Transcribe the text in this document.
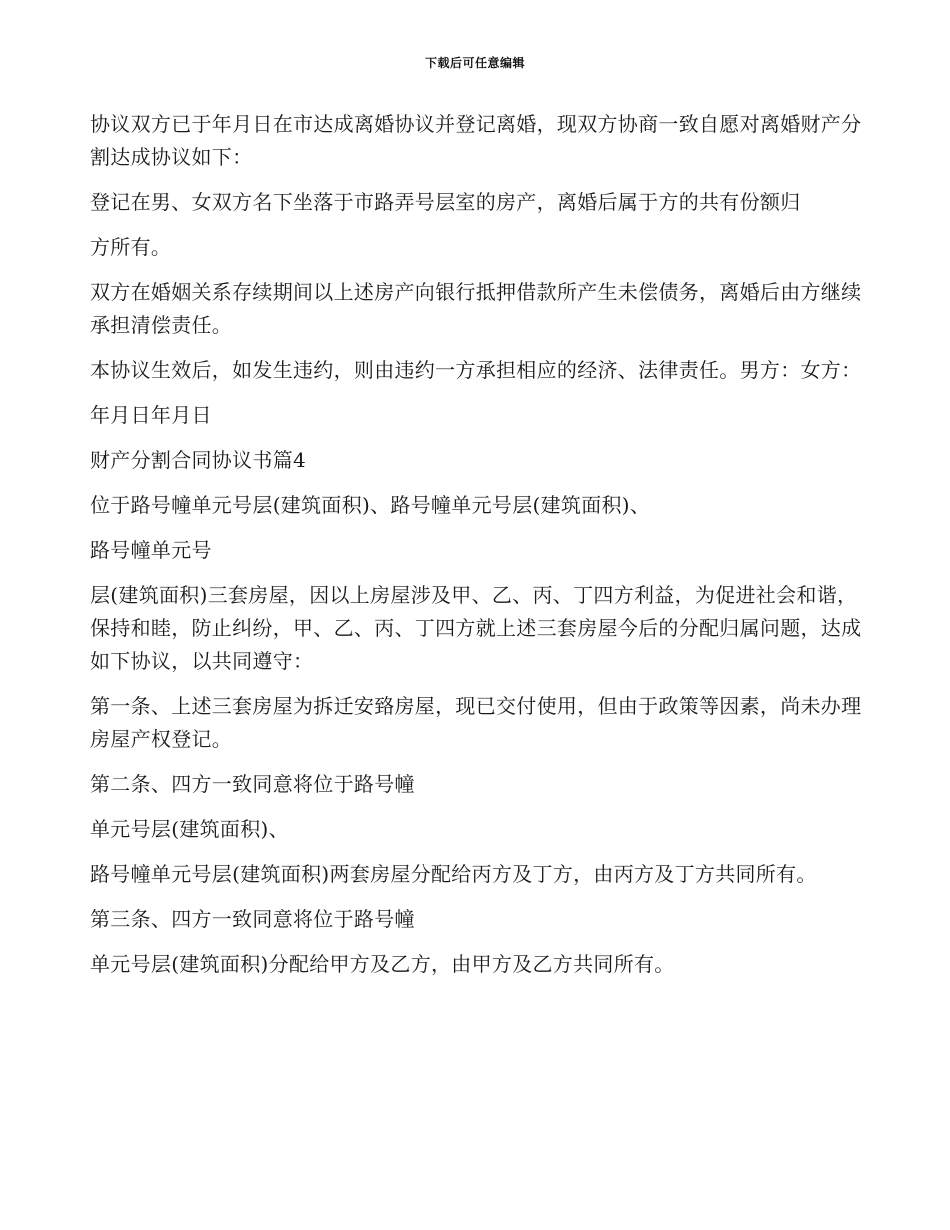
下载后可任意编辑

协议双方已于年月日在市达成离婚协议并登记离婚，现双方协商一致自愿对离婚财产分割达成协议如下：

登记在男、女双方名下坐落于市路弄号层室的房产，离婚后属于方的共有份额归

方所有。

双方在婚姻关系存续期间以上述房产向银行抵押借款所产生未偿债务，离婚后由方继续承担清偿责任。

本协议生效后，如发生违约，则由违约一方承担相应的经济、法律责任。男方：女方：

年月日年月日

财产分割合同协议书篇4

位于路号幢单元号层(建筑面积)、路号幢单元号层(建筑面积)、

路号幢单元号

层(建筑面积)三套房屋，因以上房屋涉及甲、乙、丙、丁四方利益，为促进社会和谐，保持和睦，防止纠纷，甲、乙、丙、丁四方就上述三套房屋今后的分配归属问题，达成如下协议，以共同遵守：

第一条、上述三套房屋为拆迁安臵房屋，现已交付使用，但由于政策等因素，尚未办理房屋产权登记。

第二条、四方一致同意将位于路号幢

单元号层(建筑面积)、

路号幢单元号层(建筑面积)两套房屋分配给丙方及丁方，由丙方及丁方共同所有。

第三条、四方一致同意将位于路号幢

单元号层(建筑面积)分配给甲方及乙方，由甲方及乙方共同所有。
